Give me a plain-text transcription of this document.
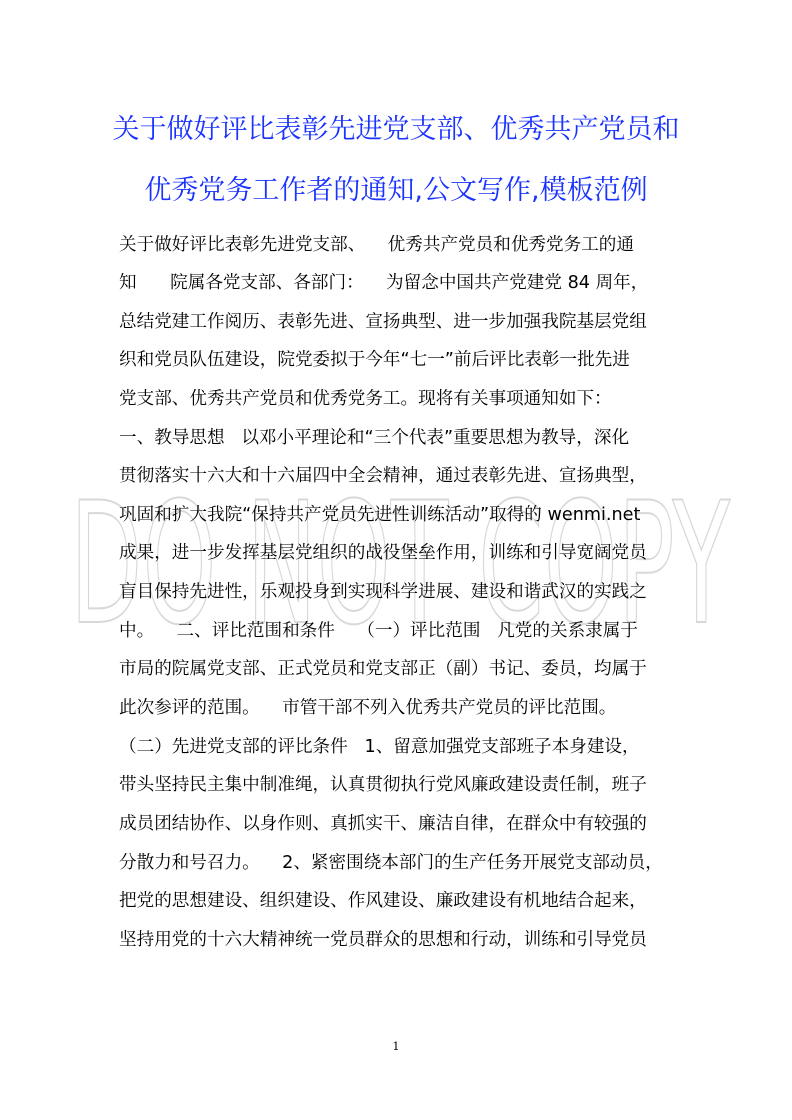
DO NOT COPY
关于做好评比表彰先进党支部、优秀共产党员和
优秀党务工作者的通知,公文写作,模板范例
关于做好评比表彰先进党支部、    优秀共产党员和优秀党务工的通
知      院属各党支部、各部门：    为留念中国共产党建党 84 周年，
总结党建工作阅历、表彰先进、宣扬典型、进一步加强我院基层党组
织和党员队伍建设，院党委拟于今年“七一”前后评比表彰一批先进
党支部、优秀共产党员和优秀党务工。现将有关事项通知如下：
一、教导思想   以邓小平理论和“三个代表”重要思想为教导，深化
贯彻落实十六大和十六届四中全会精神，通过表彰先进、宣扬典型，
巩固和扩大我院“保持共产党员先进性训练活动”取得的 wenmi.net
成果，进一步发挥基层党组织的战役堡垒作用，训练和引导宽阔党员
盲目保持先进性，乐观投身到实现科学进展、建设和谐武汉的实践之
中。    二、评比范围和条件    （一）评比范围   凡党的关系隶属于
市局的院属党支部、正式党员和党支部正（副）书记、委员，均属于
此次参评的范围。    市管干部不列入优秀共产党员的评比范围。
（二）先进党支部的评比条件   1、留意加强党支部班子本身建设，
带头坚持民主集中制准绳，认真贯彻执行党风廉政建设责任制，班子
成员团结协作、以身作则、真抓实干、廉洁自律，在群众中有较强的
分散力和号召力。    2、紧密围绕本部门的生产任务开展党支部动员，
把党的思想建设、组织建设、作风建设、廉政建设有机地结合起来，
坚持用党的十六大精神统一党员群众的思想和行动，训练和引导党员
1
